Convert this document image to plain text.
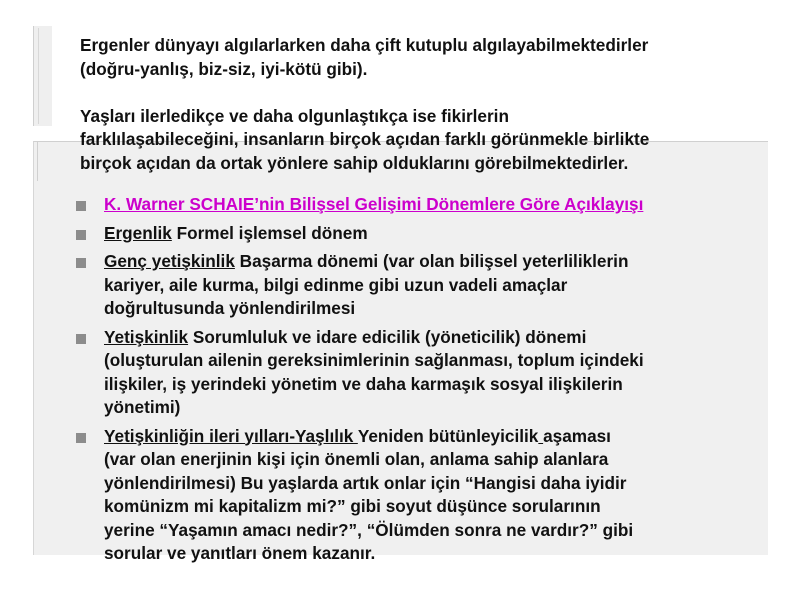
Ergenler dünyayı algılarlarken daha çift kutuplu algılayabilmektedirler
(doğru-yanlış, biz-siz, iyi-kötü gibi).

Yaşları ilerledikçe ve daha olgunlaştıkça ise fikirlerin
farklılaşabileceğini, insanların birçok açıdan farklı görünmekle birlikte
birçok açıdan da ortak yönlere sahip olduklarını görebilmektedirler.

K. Warner SCHAIE’nin Bilişsel Gelişimi Dönemlere Göre Açıklayışı
Ergenlik Formel işlemsel dönem
Genç yetişkinlik Başarma dönemi (var olan bilişsel yeterliliklerin
kariyer, aile kurma, bilgi edinme gibi uzun vadeli amaçlar
doğrultusunda yönlendirilmesi
Yetişkinlik Sorumluluk ve idare edicilik (yöneticilik) dönemi
(oluşturulan ailenin gereksinimlerinin sağlanması, toplum içindeki
ilişkiler, iş yerindeki yönetim ve daha karmaşık sosyal ilişkilerin
yönetimi)
Yetişkinliğin ileri yılları-Yaşlılık Yeniden bütünleyicilik aşaması
(var olan enerjinin kişi için önemli olan, anlama sahip alanlara
yönlendirilmesi) Bu yaşlarda artık onlar için “Hangisi daha iyidir
komünizm mi kapitalizm mi?” gibi soyut düşünce sorularının
yerine “Yaşamın amacı nedir?”, “Ölümden sonra ne vardır?” gibi
sorular ve yanıtları önem kazanır.
